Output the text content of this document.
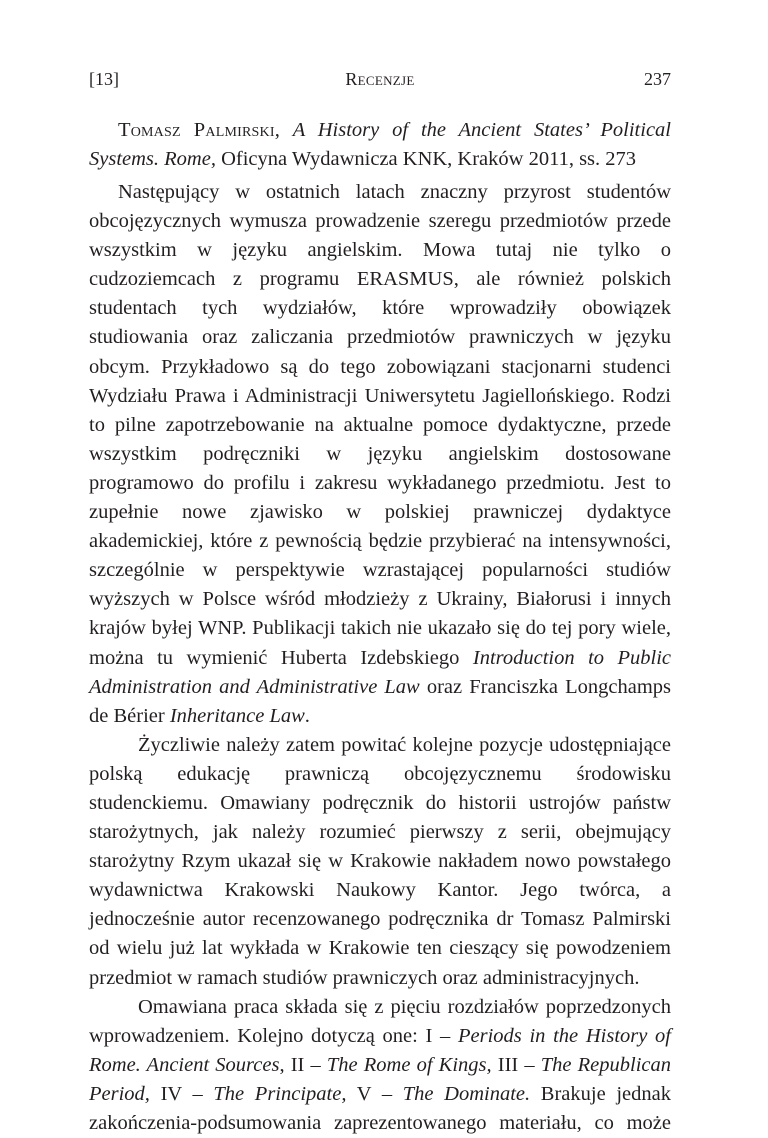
[13]	Recenzje	237
Tomasz Palmirski, A History of the Ancient States’ Political Systems. Rome, Oficyna Wydawnicza KNK, Kraków 2011, ss. 273

Następujący w ostatnich latach znaczny przyrost studentów obcojęzycznych wymusza prowadzenie szeregu przedmiotów przede wszystkim w języku angielskim. Mowa tutaj nie tylko o cudzoziemcach z programu ERASMUS, ale również polskich studentach tych wydziałów, które wprowadziły obowiązek studiowania oraz zaliczania przedmiotów prawniczych w języku obcym. Przykładowo są do tego zobowiązani stacjonarni studenci Wydziału Prawa i Administracji Uniwersytetu Jagiellońskiego. Rodzi to pilne zapotrzebowanie na aktualne pomoce dydaktyczne, przede wszystkim podręczniki w języku angielskim dostosowane programowo do profilu i zakresu wykładanego przedmiotu. Jest to zupełnie nowe zjawisko w polskiej prawniczej dydaktyce akademickiej, które z pewnością będzie przybierać na intensywności, szczególnie w perspektywie wzrastającej popularności studiów wyższych w Polsce wśród młodzieży z Ukrainy, Białorusi i innych krajów byłej WNP. Publikacji takich nie ukazało się do tej pory wiele, można tu wymienić Huberta Izdebskiego Introduction to Public Administration and Administrative Law oraz Franciszka Longchamps de Bérier Inheritance Law.

Życzliwie należy zatem powitać kolejne pozycje udostępniające polską edukację prawniczą obcojęzycznemu środowisku studenckiemu. Omawiany podręcznik do historii ustrojów państw starożytnych, jak należy rozumieć pierwszy z serii, obejmujący starożytny Rzym ukazał się w Krakowie nakładem nowo powstałego wydawnictwa Krakowski Naukowy Kantor. Jego twórca, a jednocześnie autor recenzowanego podręcznika dr Tomasz Palmirski od wielu już lat wykłada w Krakowie ten cieszący się powodzeniem przedmiot w ramach studiów prawniczych oraz administracyjnych.

Omawiana praca składa się z pięciu rozdziałów poprzedzonych wprowadzeniem. Kolejno dotyczą one: I – Periods in the History of Rome. Ancient Sources, II – The Rome of Kings, III – The Republican Period, IV – The Principate, V – The Dominate. Brakuje jednak zakończenia-podsumowania zaprezentowanego materiału, co może
